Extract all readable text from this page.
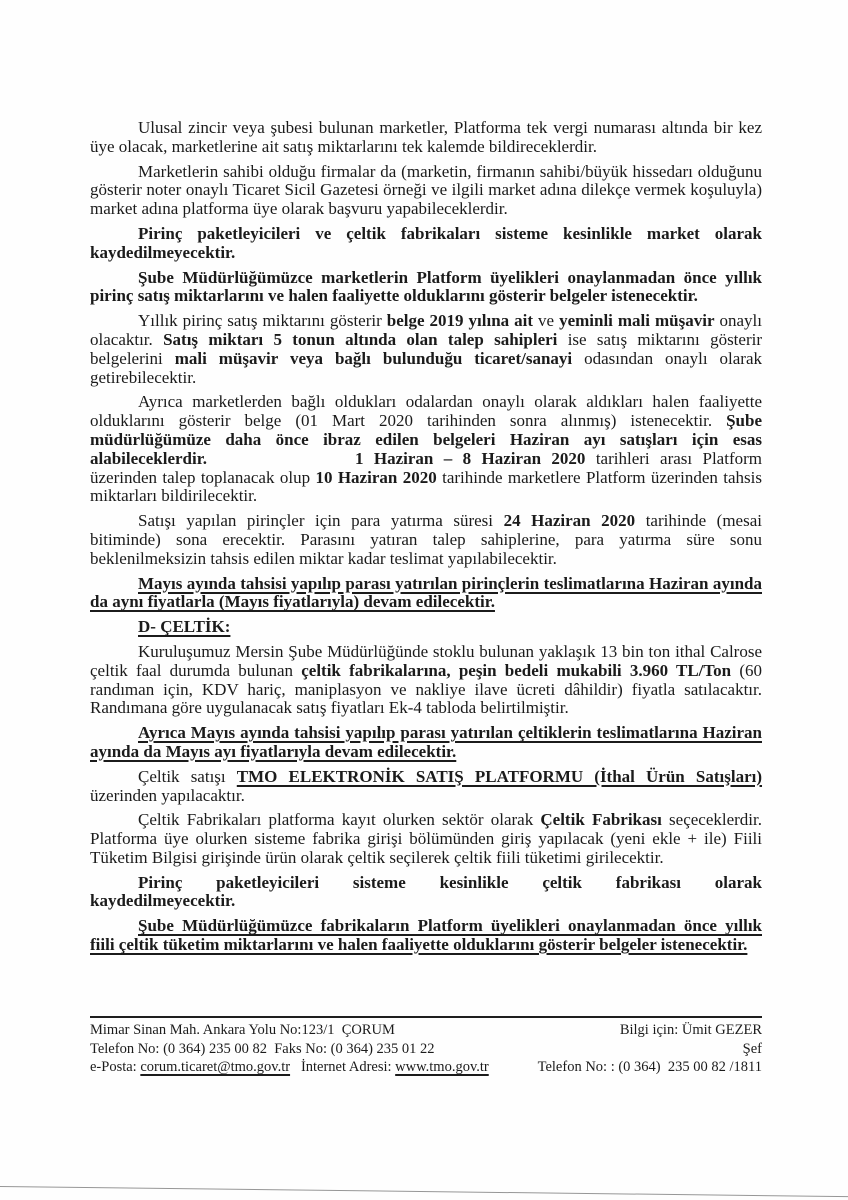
Ulusal zincir veya şubesi bulunan marketler, Platforma tek vergi numarası altında bir kez üye olacak, marketlerine ait satış miktarlarını tek kalemde bildireceklerdir.

Marketlerin sahibi olduğu firmalar da (marketin, firmanın sahibi/büyük hissedarı olduğunu gösterir noter onaylı Ticaret Sicil Gazetesi örneği ve ilgili market adına dilekçe vermek koşuluyla) market adına platforma üye olarak başvuru yapabileceklerdir.

Pirinç paketleyicileri ve çeltik fabrikaları sisteme kesinlikle market olarak
kaydedilmeyecektir.

Şube Müdürlüğümüzce marketlerin Platform üyelikleri onaylanmadan önce yıllık pirinç satış miktarlarını ve halen faaliyette olduklarını gösterir belgeler istenecektir.

Yıllık pirinç satış miktarını gösterir belge 2019 yılına ait ve yeminli mali müşavir onaylı olacaktır. Satış miktarı 5 tonun altında olan talep sahipleri ise satış miktarını gösterir belgelerini mali müşavir veya bağlı bulunduğu ticaret/sanayi odasından onaylı olarak getirebilecektir.

Ayrıca marketlerden bağlı oldukları odalardan onaylı olarak aldıkları halen faaliyette olduklarını gösterir belge (01 Mart 2020 tarihinden sonra alınmış) istenecektir. Şube müdürlüğümüze daha önce ibraz edilen belgeleri Haziran ayı satışları için esas alabileceklerdir.	1 Haziran – 8 Haziran 2020 tarihleri arası Platform üzerinden talep toplanacak olup 10 Haziran 2020 tarihinde marketlere Platform üzerinden tahsis miktarları bildirilecektir.

Satışı yapılan pirinçler için para yatırma süresi 24 Haziran 2020 tarihinde (mesai bitiminde) sona erecektir. Parasını yatıran talep sahiplerine, para yatırma süre sonu beklenilmeksizin tahsis edilen miktar kadar teslimat yapılabilecektir.

Mayıs ayında tahsisi yapılıp parası yatırılan pirinçlerin teslimatlarına Haziran ayında da aynı fiyatlarla (Mayıs fiyatlarıyla) devam edilecektir.

D- ÇELTİK:

Kuruluşumuz Mersin Şube Müdürlüğünde stoklu bulunan yaklaşık 13 bin ton ithal Calrose çeltik faal durumda bulunan çeltik fabrikalarına, peşin bedeli mukabili 3.960 TL/Ton (60 randıman için, KDV hariç, maniplasyon ve nakliye ilave ücreti dâhildir) fiyatla satılacaktır. Randımana göre uygulanacak satış fiyatları Ek-4 tabloda belirtilmiştir.

Ayrıca Mayıs ayında tahsisi yapılıp parası yatırılan çeltiklerin teslimatlarına Haziran ayında da Mayıs ayı fiyatlarıyla devam edilecektir.

Çeltik satışı TMO ELEKTRONİK SATIŞ PLATFORMU (İthal Ürün Satışları) üzerinden yapılacaktır.

Çeltik Fabrikaları platforma kayıt olurken sektör olarak Çeltik Fabrikası seçeceklerdir. Platforma üye olurken sisteme fabrika girişi bölümünden giriş yapılacak (yeni ekle + ile) Fiili Tüketim Bilgisi girişinde ürün olarak çeltik seçilerek çeltik fiili tüketimi girilecektir.

Pirinç paketleyicileri sisteme kesinlikle çeltik fabrikası olarak
kaydedilmeyecektir.

Şube Müdürlüğümüzce fabrikaların Platform üyelikleri onaylanmadan önce yıllık fiili çeltik tüketim miktarlarını ve halen faaliyette olduklarını gösterir belgeler istenecektir.

Mimar Sinan Mah. Ankara Yolu No:123/1  ÇORUM
Telefon No: (0 364) 235 00 82  Faks No: (0 364) 235 01 22
e-Posta: corum.ticaret@tmo.gov.tr   İnternet Adresi: www.tmo.gov.tr
Bilgi için: Ümit GEZER
Şef
Telefon No: : (0 364)  235 00 82 /1811
